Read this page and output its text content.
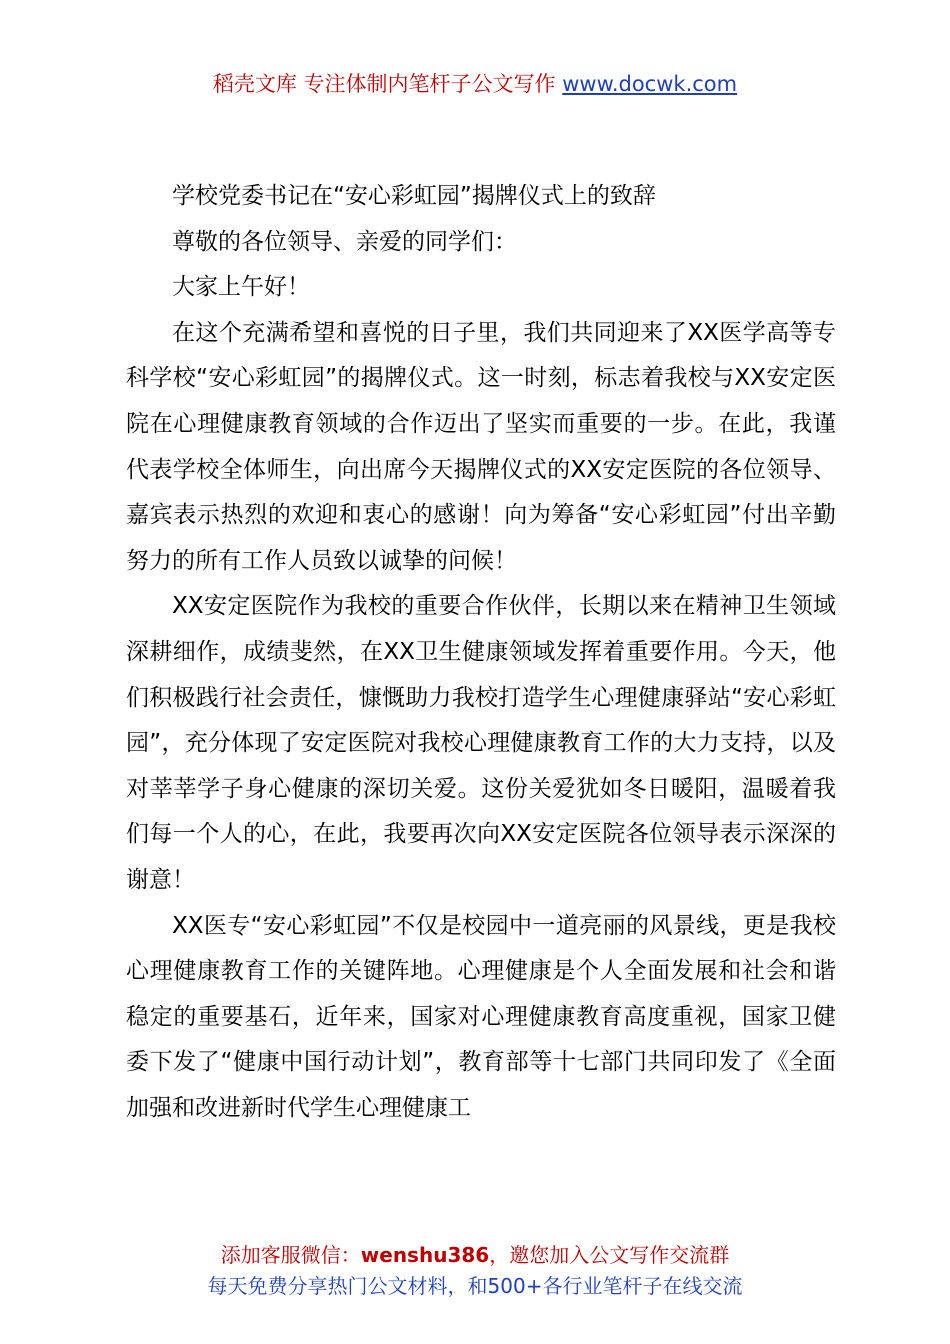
稻壳文库 专注体制内笔杆子公文写作 www.docwk.com

学校党委书记在“安心彩虹园”揭牌仪式上的致辞

尊敬的各位领导、亲爱的同学们：

大家上午好！

在这个充满希望和喜悦的日子里，我们共同迎来了XX医学高等专科学校“安心彩虹园”的揭牌仪式。这一时刻，标志着我校与XX安定医院在心理健康教育领域的合作迈出了坚实而重要的一步。在此，我谨代表学校全体师生，向出席今天揭牌仪式的XX安定医院的各位领导、嘉宾表示热烈的欢迎和衷心的感谢！向为筹备“安心彩虹园”付出辛勤努力的所有工作人员致以诚挚的问候！

XX安定医院作为我校的重要合作伙伴，长期以来在精神卫生领域深耕细作，成绩斐然，在XX卫生健康领域发挥着重要作用。今天，他们积极践行社会责任，慷慨助力我校打造学生心理健康驿站“安心彩虹园”，充分体现了安定医院对我校心理健康教育工作的大力支持，以及对莘莘学子身心健康的深切关爱。这份关爱犹如冬日暖阳，温暖着我们每一个人的心，在此，我要再次向XX安定医院各位领导表示深深的谢意！

XX医专“安心彩虹园”不仅是校园中一道亮丽的风景线，更是我校心理健康教育工作的关键阵地。心理健康是个人全面发展和社会和谐稳定的重要基石，近年来，国家对心理健康教育高度重视，国家卫健委下发了“健康中国行动计划”，教育部等十七部门共同印发了《全面加强和改进新时代学生心理健康工

添加客服微信：wenshu386，邀您加入公文写作交流群
每天免费分享热门公文材料，和500+各行业笔杆子在线交流
